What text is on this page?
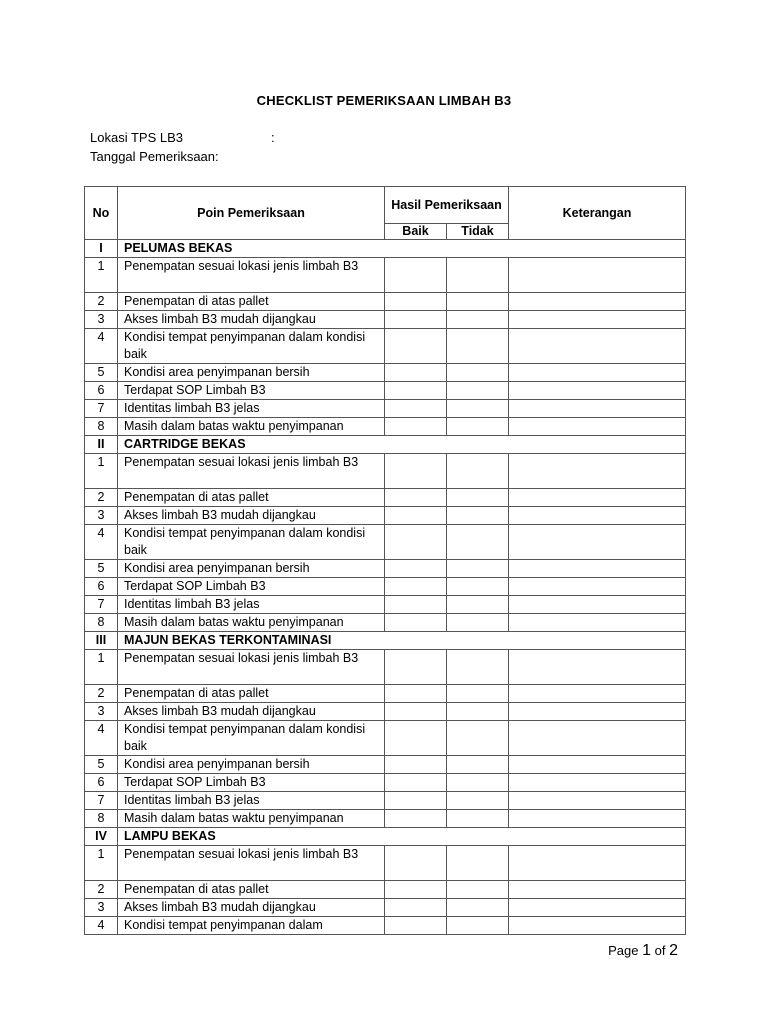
CHECKLIST PEMERIKSAAN LIMBAH B3
Lokasi TPS LB3	:
Tanggal Pemeriksaan:
No	Poin Pemeriksaan	Hasil Pemeriksaan		Keterangan
		Baik	Tidak	
I	PELUMAS BEKAS			
1	Penempatan sesuai lokasi jenis limbah B3			
2	Penempatan di atas pallet			
3	Akses limbah B3 mudah dijangkau			
4	Kondisi tempat penyimpanan dalam kondisi baik			
5	Kondisi area penyimpanan bersih			
6	Terdapat SOP Limbah B3			
7	Identitas limbah B3 jelas			
8	Masih dalam batas waktu penyimpanan			
II	CARTRIDGE BEKAS			
1	Penempatan sesuai lokasi jenis limbah B3			
2	Penempatan di atas pallet			
3	Akses limbah B3 mudah dijangkau			
4	Kondisi tempat penyimpanan dalam kondisi baik			
5	Kondisi area penyimpanan bersih			
6	Terdapat SOP Limbah B3			
7	Identitas limbah B3 jelas			
8	Masih dalam batas waktu penyimpanan			
III	MAJUN BEKAS TERKONTAMINASI			
1	Penempatan sesuai lokasi jenis limbah B3			
2	Penempatan di atas pallet			
3	Akses limbah B3 mudah dijangkau			
4	Kondisi tempat penyimpanan dalam kondisi baik			
5	Kondisi area penyimpanan bersih			
6	Terdapat SOP Limbah B3			
7	Identitas limbah B3 jelas			
8	Masih dalam batas waktu penyimpanan			
IV	LAMPU BEKAS			
1	Penempatan sesuai lokasi jenis limbah B3			
2	Penempatan di atas pallet			
3	Akses limbah B3 mudah dijangkau			
4	Kondisi tempat penyimpanan dalam			
Page 1 of 2
